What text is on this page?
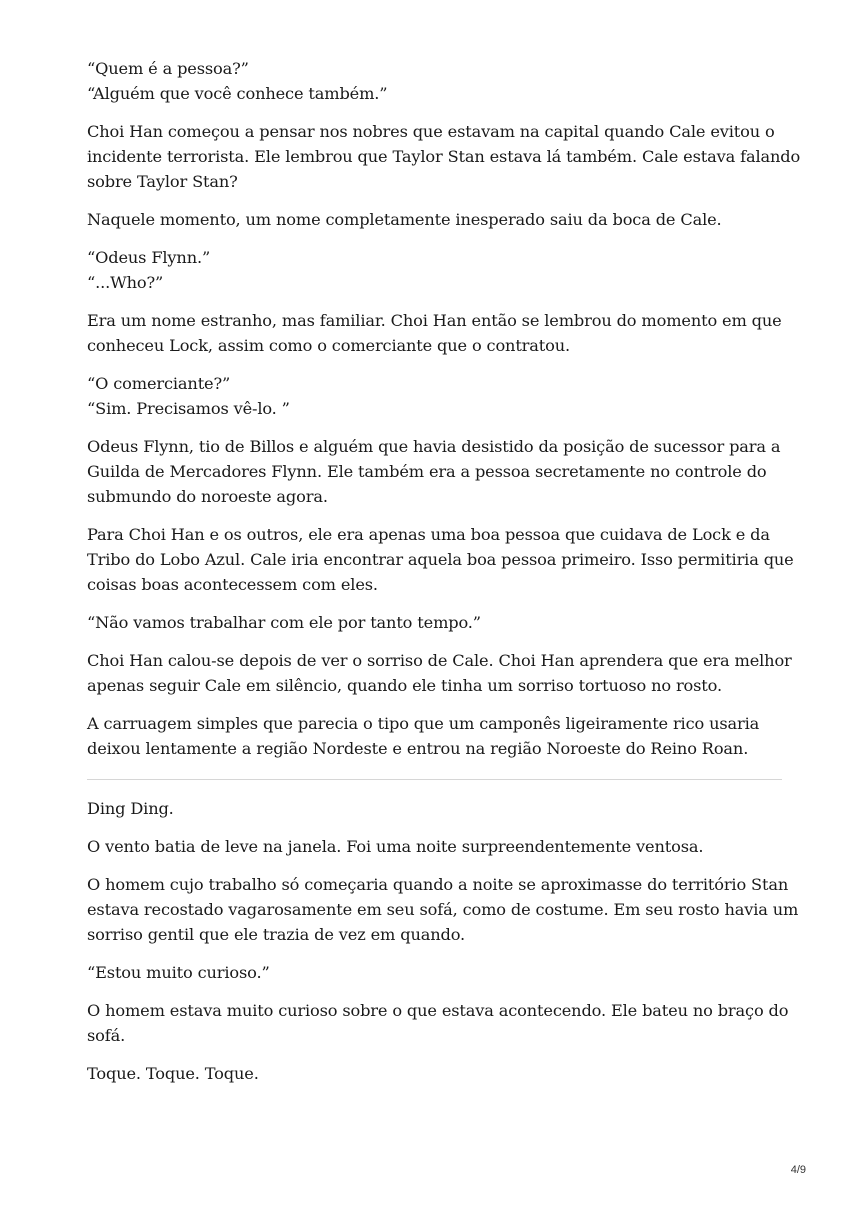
“Quem é a pessoa?”
“Alguém que você conhece também.”

Choi Han começou a pensar nos nobres que estavam na capital quando Cale evitou o
incidente terrorista. Ele lembrou que Taylor Stan estava lá também. Cale estava falando
sobre Taylor Stan?

Naquele momento, um nome completamente inesperado saiu da boca de Cale.

“Odeus Flynn.”
“...Who?”

Era um nome estranho, mas familiar. Choi Han então se lembrou do momento em que
conheceu Lock, assim como o comerciante que o contratou.

“O comerciante?”
“Sim. Precisamos vê-lo. ”

Odeus Flynn, tio de Billos e alguém que havia desistido da posição de sucessor para a
Guilda de Mercadores Flynn. Ele também era a pessoa secretamente no controle do
submundo do noroeste agora.

Para Choi Han e os outros, ele era apenas uma boa pessoa que cuidava de Lock e da
Tribo do Lobo Azul. Cale iria encontrar aquela boa pessoa primeiro. Isso permitiria que
coisas boas acontecessem com eles.

“Não vamos trabalhar com ele por tanto tempo.”

Choi Han calou-se depois de ver o sorriso de Cale. Choi Han aprendera que era melhor
apenas seguir Cale em silêncio, quando ele tinha um sorriso tortuoso no rosto.

A carruagem simples que parecia o tipo que um camponês ligeiramente rico usaria
deixou lentamente a região Nordeste e entrou na região Noroeste do Reino Roan.

Ding Ding.

O vento batia de leve na janela. Foi uma noite surpreendentemente ventosa.

O homem cujo trabalho só começaria quando a noite se aproximasse do território Stan
estava recostado vagarosamente em seu sofá, como de costume. Em seu rosto havia um
sorriso gentil que ele trazia de vez em quando.

“Estou muito curioso.”

O homem estava muito curioso sobre o que estava acontecendo. Ele bateu no braço do
sofá.

Toque. Toque. Toque.

4/9
